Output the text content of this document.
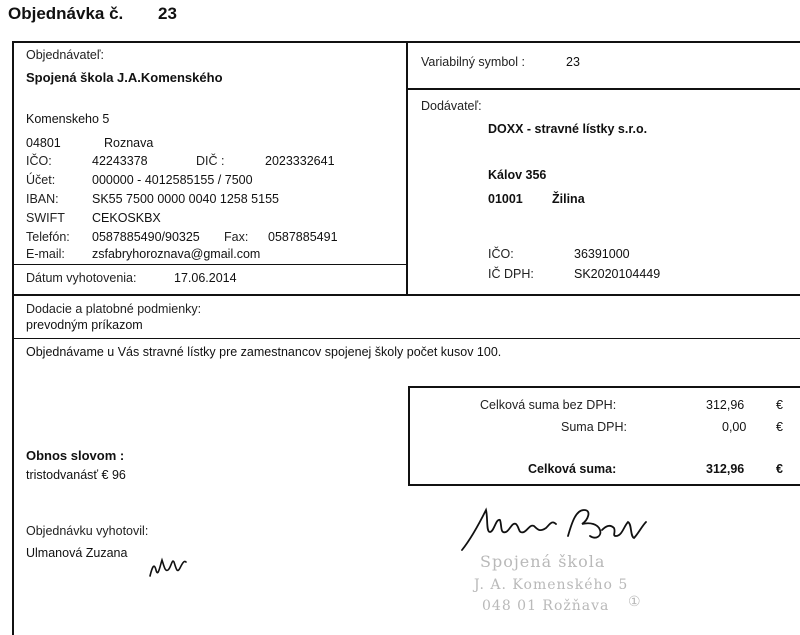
Objednávka č. 23
Objednávateľ:
Spojená škola J.A.Komenského
Komenskeho 5
04801	Roznava
IČO:	42243378	DIČ :	2023332641
Účet:	000000 - 4012585155 / 7500
IBAN:	SK55 7500 0000 0040 1258 5155
SWIFT CEKOSKBX
Telefón: 0587885490/90325 Fax: 0587885491
E-mail: zsfabryhoroznava@gmail.com
Dátum vyhotovenia:	17.06.2014
Variabilný symbol :	23
Dodávateľ:
DOXX - stravné lístky s.r.o.
Kálov 356
01001 Žilina
IČO:	36391000
IČ DPH:	SK2020104449
Dodacie a platobné podmienky:
prevodným príkazom
Objednávame u Vás stravné lístky pre zamestnancov spojenej školy počet kusov 100.
Celková suma bez DPH:	312,96	€
Suma DPH:	0,00 €
Celková suma:	312,96	€
Obnos slovom :
tristodvanásť € 96
Objednávku vyhotovil:
Ulmanová Zuzana	Spojená škola
J. A. Komenského 5
048 01 Rožňava ①
